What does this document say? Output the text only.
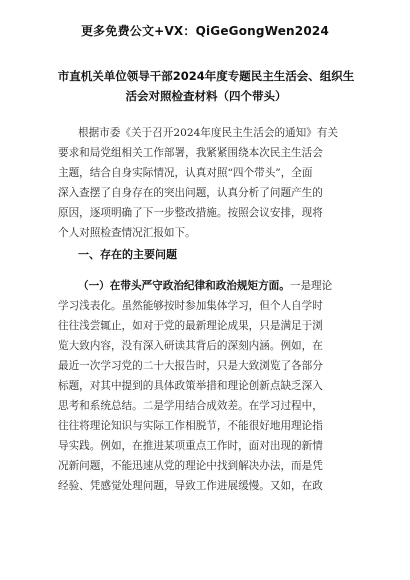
更多免费公文+VX：QiGeGongWen2024
市直机关单位领导干部2024年度专题民主生活会、组织生
活会对照检查材料（四个带头）
根据市委《关于召开2024年度民主生活会的通知》有关
要求和局党组相关工作部署，我紧紧围绕本次民主生活会
主题，结合自身实际情况，认真对照“四个带头”，全面
深入查摆了自身存在的突出问题，认真分析了问题产生的
原因，逐项明确了下一步整改措施。按照会议安排，现将
个人对照检查情况汇报如下。
一、存在的主要问题
（一）在带头严守政治纪律和政治规矩方面。一是理论
学习浅表化。虽然能够按时参加集体学习，但个人自学时
往往浅尝辄止，如对于党的最新理论成果，只是满足于浏
览大致内容，没有深入研读其背后的深刻内涵。例如，在
最近一次学习党的二十大报告时，只是大致浏览了各部分
标题，对其中提到的具体政策举措和理论创新点缺乏深入
思考和系统总结。二是学用结合成效差。在学习过程中，
往往将理论知识与实际工作相脱节，不能很好地用理论指
导实践。例如，在推进某项重点工作时，面对出现的新情
况新问题，不能迅速从党的理论中找到解决办法，而是凭
经验、凭感觉处理问题，导致工作进展缓慢。又如，在政
